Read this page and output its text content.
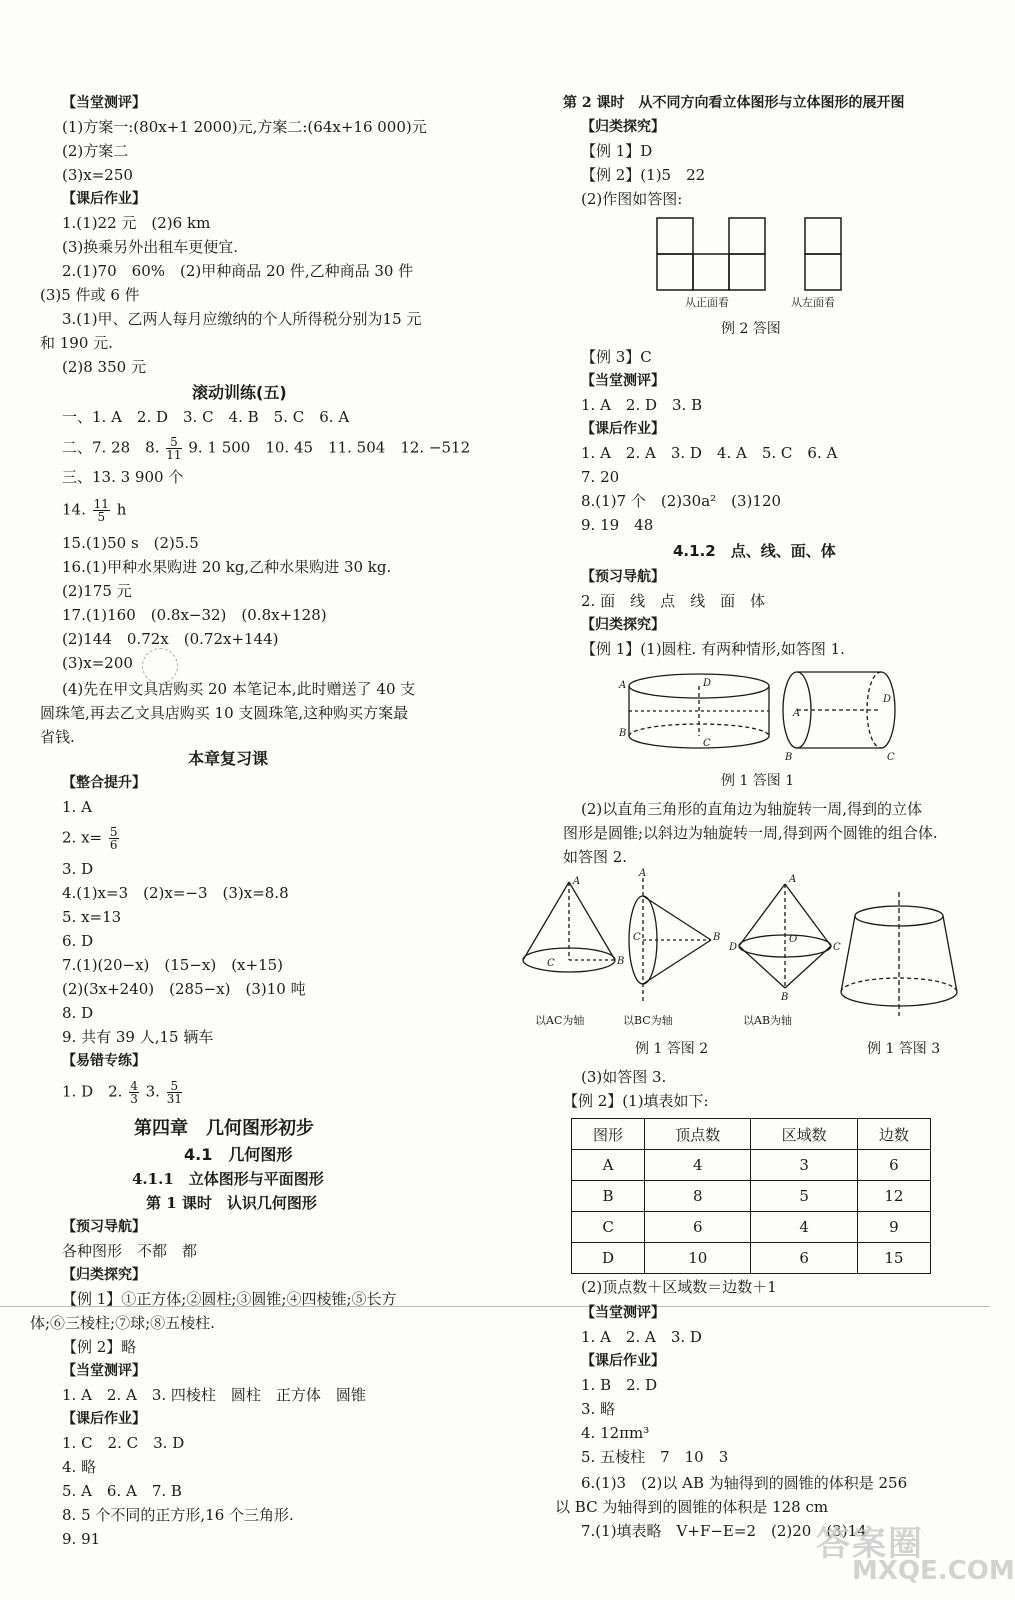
【当堂测评】
(1)方案一:(80x+1 2000)元,方案二:(64x+16 000)元
(2)方案二
(3)x=250
【课后作业】
1.(1)22 元　(2)6 km
(3)换乘另外出租车更便宜.
2.(1)70　60%　(2)甲种商品 20 件,乙种商品 30 件
(3)5 件或 6 件
3.(1)甲、乙两人每月应缴纳的个人所得税分别为15 元
和 190 元.
(2)8 350 元
滚动训练(五)
一、1. A　2. D　3. C　4. B　5. C　6. A
二、7. 28　8. $\frac{5}{11} 9$. 1 500　10. 45　11. 504　12. −512
三、13. 3 900 个
14. $\frac{11}{5}$ h
15.(1)50 s　(2)5.5
16.(1)甲种水果购进 20 kg,乙种水果购进 30 kg.
(2)175 元
17.(1)160　(0.8x−32)　(0.8x+128)
(2)144　0.72x　(0.72x+144)
(3)x=200
(4)先在甲文具店购买 20 本笔记本,此时赠送了 40 支
圆珠笔,再去乙文具店购买 10 支圆珠笔,这种购买方案最
省钱.
本章复习课
【整合提升】
1. A
2. $x= \frac{5}{6}$
3. D
4.(1)x=3　(2)x=−3　(3)x=8.8
5. x=13
6. D
7.(1)(20−x)　(15−x)　(x+15)
(2)(3x+240)　(285−x)　(3)10 吨
8. D
9. 共有 39 人,15 辆车
【易错专练】
1. D　2. $\frac{4}{3} 3$. $\frac{5}{31}$
第四章　几何图形初步
4.1　几何图形
4.1.1　立体图形与平面图形
第 1 课时　认识几何图形
【预习导航】
各种图形　不都　都
【归类探究】
【例 1】①正方体;②圆柱;③圆锥;④四棱锥;⑤长方
体;⑥三棱柱;⑦球;⑧五棱柱.
【例 2】略
【当堂测评】
1. A　2. A　3. 四棱柱　圆柱　正方体　圆锥
【课后作业】
1. C　2. C　3. D
4. 略
5. A　6. A　7. B
8. 5 个不同的正方形,16 个三角形.
9. 91
第 2 课时　从不同方向看立体图形与立体图形的展开图
【归类探究】
【例 1】D
【例 2】(1)5　22
(2)作图如答图:
从正面看	从左面看
例 2 答图
【例 3】C
【当堂测评】
1. A　2. D　3. B
【课后作业】
1. A　2. A　3. D　4. A　5. C　6. A
7. 20
8.(1)7 个　(2)30a²　(3)120
9. 19　48
4.1.2　点、线、面、体
【预习导航】
2. 面　线　点　线　面　体
【归类探究】
【例 1】(1)圆柱. 有两种情形,如答图 1.
A	D
B
C
A
B
D
C
例 1 答图 1
(2)以直角三角形的直角边为轴旋转一周,得到的立体
图形是圆锥;以斜边为轴旋转一周,得到两个圆锥的组合体.
如答图 2.
A
C	B
A
C	B
A
D
O
C
B
以AC为轴	以BC为轴	以AB为轴
例 1 答图 2	例 1 答图 3
(3)如答图 3.
【例 2】(1)填表如下:
图形	顶点数	区域数	边数
A	4	3	6
B	8	5	12
C	6	4	9
D	10	6	15
(2)顶点数＋区域数＝边数＋1
【当堂测评】
1. A　2. A　3. D
【课后作业】
1. B　2. D
3. 略
4. 12πm³
5. 五棱柱　7　10　3
6.(1)3　(2)以 AB 为轴得到的圆锥的体积是 256
以 BC 为轴得到的圆锥的体积是 128 cm
7.(1)填表略　V+F−E=2　(2)20　(3)14
答案圈
MXQE.COM
